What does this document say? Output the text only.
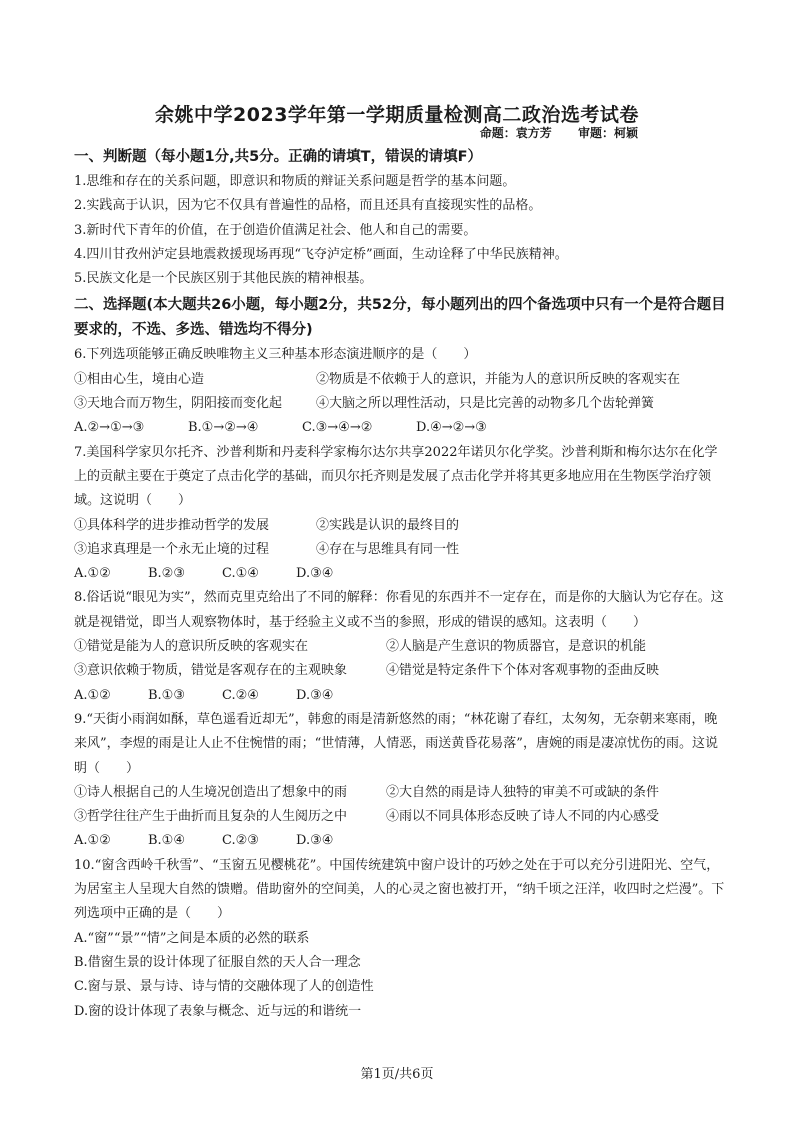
余姚中学2023学年第一学期质量检测高二政治选考试卷
命题：袁方芳 审题：柯颖
一、判断题（每小题1分,共5分。正确的请填T，错误的请填F）
1.思维和存在的关系问题，即意识和物质的辩证关系问题是哲学的基本问题。
2.实践高于认识，因为它不仅具有普遍性的品格，而且还具有直接现实性的品格。
3.新时代下青年的价值，在于创造价值满足社会、他人和自己的需要。
4.四川甘孜州泸定县地震救援现场再现“飞夺泸定桥”画面，生动诠释了中华民族精神。
5.民族文化是一个民族区别于其他民族的精神根基。
二、选择题(本大题共26小题，每小题2分，共52分，每小题列出的四个备选项中只有一个是符合题目要求的，不选、多选、错选均不得分)
6.下列选项能够正确反映唯物主义三种基本形态演进顺序的是（　　）
①相由心生，境由心造	②物质是不依赖于人的意识，并能为人的意识所反映的客观实在
③天地合而万物生，阴阳接而变化起	④大脑之所以理性活动，只是比完善的动物多几个齿轮弹簧
A.②→①→③	B.①→②→④	C.③→④→②	D.④→②→③
7.美国科学家贝尔托齐、沙普利斯和丹麦科学家梅尔达尔共享2022年诺贝尔化学奖。沙普利斯和梅尔达尔在化学上的贡献主要在于奠定了点击化学的基础，而贝尔托齐则是发展了点击化学并将其更多地应用在生物医学治疗领域。这说明（　　）
①具体科学的进步推动哲学的发展	②实践是认识的最终目的
③追求真理是一个永无止境的过程	④存在与思维具有同一性
A.①②	B.②③	C.①④	D.③④
8.俗话说“眼见为实”，然而克里克给出了不同的解释：你看见的东西并不一定存在，而是你的大脑认为它存在。这就是视错觉，即当人观察物体时，基于经验主义或不当的参照，形成的错误的感知。这表明（　　）
①错觉是能为人的意识所反映的客观实在	②人脑是产生意识的物质器官，是意识的机能
③意识依赖于物质，错觉是客观存在的主观映象	④错觉是特定条件下个体对客观事物的歪曲反映
A.①②	B.①③	C.②④	D.③④
9.“天街小雨润如酥，草色遥看近却无”，韩愈的雨是清新悠然的雨；“林花谢了春红，太匆匆，无奈朝来寒雨，晚来风”，李煜的雨是让人止不住惋惜的雨；“世情薄，人情恶，雨送黄昏花易落”，唐婉的雨是凄凉忧伤的雨。这说明（　　）
①诗人根据自己的人生境况创造出了想象中的雨	②大自然的雨是诗人独特的审美不可或缺的条件
③哲学往往产生于曲折而且复杂的人生阅历之中	④雨以不同具体形态反映了诗人不同的内心感受
A.①②	B.①④	C.②③	D.③④
10.“窗含西岭千秋雪”、“玉窗五见樱桃花”。中国传统建筑中窗户设计的巧妙之处在于可以充分引进阳光、空气，为居室主人呈现大自然的馈赠。借助窗外的空间美，人的心灵之窗也被打开，“纳千顷之汪洋，收四时之烂漫”。下列选项中正确的是（　　）
A.“窗”“景”“情”之间是本质的必然的联系
B.借窗生景的设计体现了征服自然的天人合一理念
C.窗与景、景与诗、诗与情的交融体现了人的创造性
D.窗的设计体现了表象与概念、近与远的和谐统一
第1页/共6页
